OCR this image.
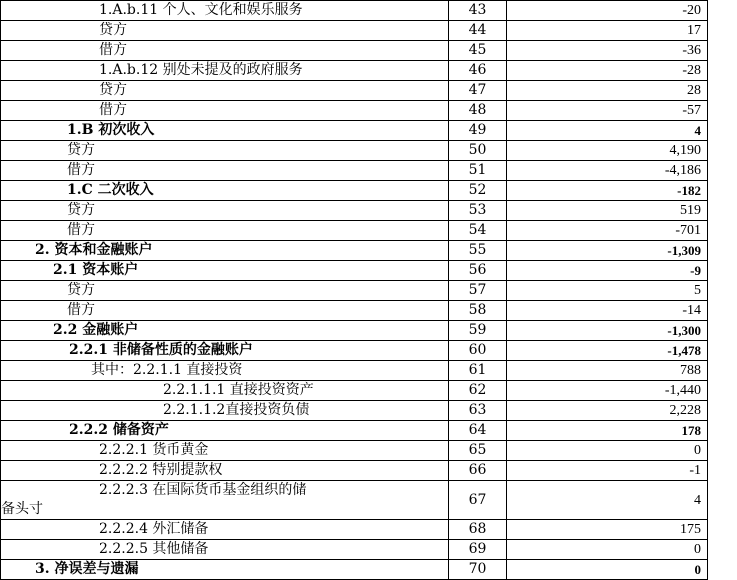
1.A.b.11 个人、文化和娱乐服务	43	-20
贷方	44	17
借方	45	-36
1.A.b.12 别处未提及的政府服务	46	-28
贷方	47	28
借方	48	-57
1.B 初次收入	49	4
贷方	50	4,190
借方	51	-4,186
1.C 二次收入	52	-182
贷方	53	519
借方	54	-701
2. 资本和金融账户	55	-1,309
2.1 资本账户	56	-9
贷方	57	5
借方	58	-14
2.2 金融账户	59	-1,300
2.2.1 非储备性质的金融账户	60	-1,478
其中：2.2.1.1 直接投资	61	788
2.2.1.1.1 直接投资资产	62	-1,440
2.2.1.1.2直接投资负债	63	2,228
2.2.2 储备资产	64	178
2.2.2.1 货币黄金	65	0
2.2.2.2 特别提款权	66	-1
2.2.2.3 在国际货币基金组织的储
备头寸	67	4
2.2.2.4 外汇储备	68	175
2.2.2.5 其他储备	69	0
3. 净误差与遗漏	70	0
